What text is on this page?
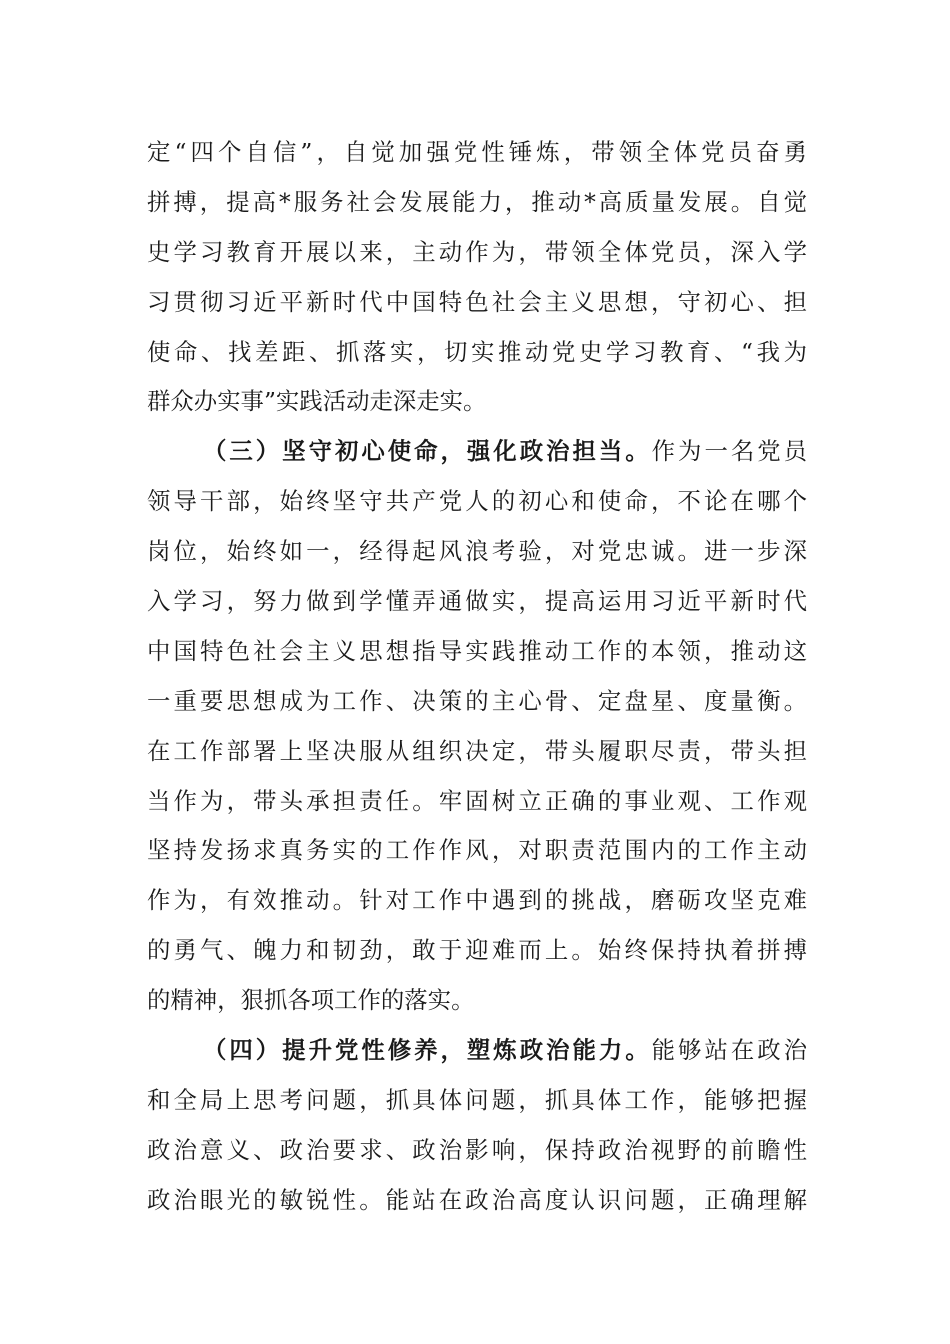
定“四个自信”，自觉加强党性锤炼，带领全体党员奋勇
拼搏，提高*服务社会发展能力，推动*高质量发展。自觉
史学习教育开展以来，主动作为，带领全体党员，深入学
习贯彻习近平新时代中国特色社会主义思想，守初心、担
使命、找差距、抓落实，切实推动党史学习教育、“我为
群众办实事”实践活动走深走实。
（三）坚守初心使命，强化政治担当。作为一名党员
领导干部，始终坚守共产党人的初心和使命，不论在哪个
岗位，始终如一，经得起风浪考验，对党忠诚。进一步深
入学习，努力做到学懂弄通做实，提高运用习近平新时代
中国特色社会主义思想指导实践推动工作的本领，推动这
一重要思想成为工作、决策的主心骨、定盘星、度量衡。
在工作部署上坚决服从组织决定，带头履职尽责，带头担
当作为，带头承担责任。牢固树立正确的事业观、工作观
坚持发扬求真务实的工作作风，对职责范围内的工作主动
作为，有效推动。针对工作中遇到的挑战，磨砺攻坚克难
的勇气、魄力和韧劲，敢于迎难而上。始终保持执着拼搏
的精神，狠抓各项工作的落实。
（四）提升党性修养，塑炼政治能力。能够站在政治
和全局上思考问题，抓具体问题，抓具体工作，能够把握
政治意义、政治要求、政治影响，保持政治视野的前瞻性
政治眼光的敏锐性。能站在政治高度认识问题，正确理解
